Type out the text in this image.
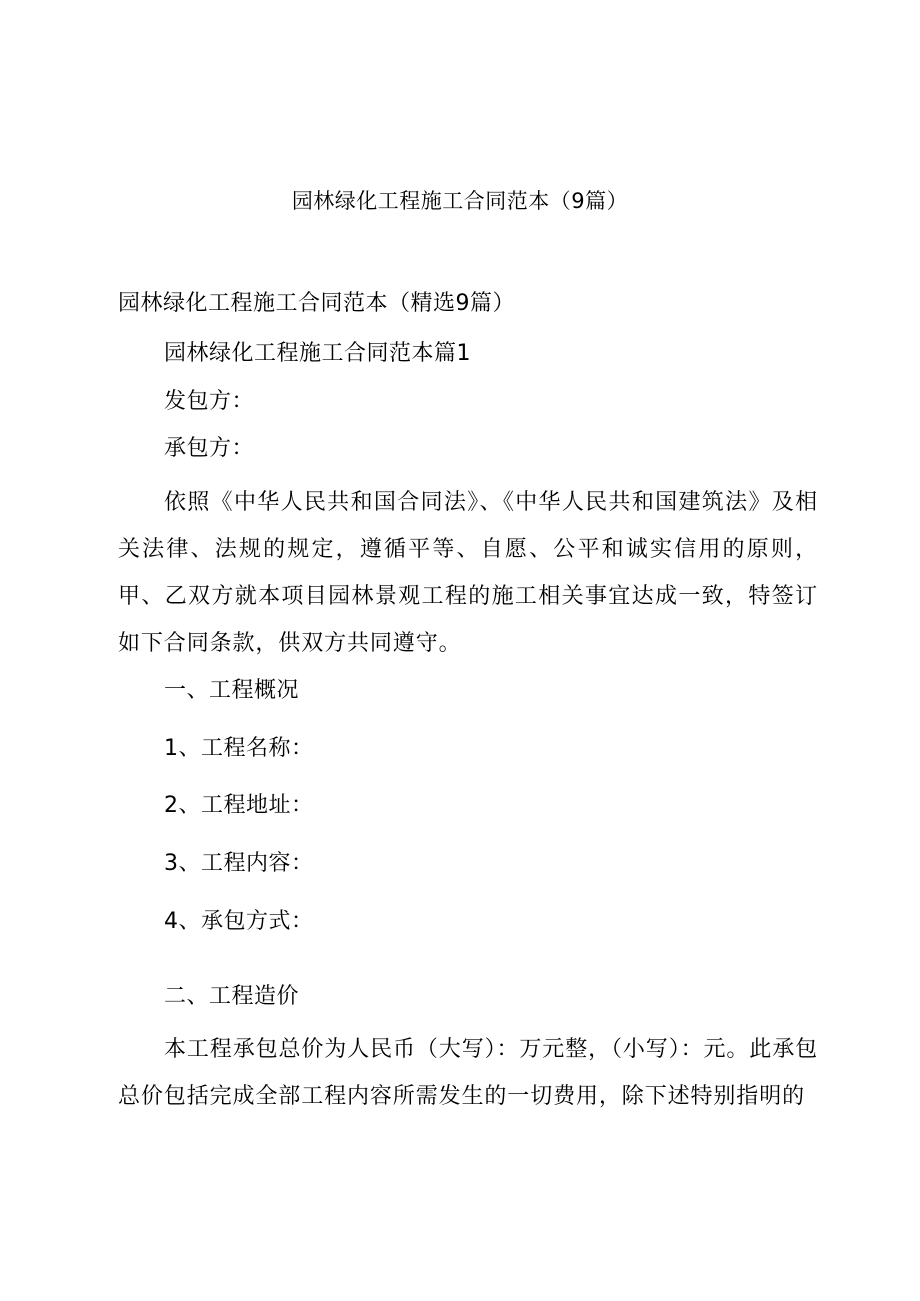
园林绿化工程施工合同范本（9篇）
园林绿化工程施工合同范本（精选9篇）
园林绿化工程施工合同范本篇1
发包方：
承包方：
依照《中华人民共和国合同法》、《中华人民共和国建筑法》及相关法律、法规的规定，遵循平等、自愿、公平和诚实信用的原则，甲、乙双方就本项目园林景观工程的施工相关事宜达成一致，特签订如下合同条款，供双方共同遵守。
一、工程概况
1、工程名称：
2、工程地址：
3、工程内容：
4、承包方式：
二、工程造价
本工程承包总价为人民币（大写）：万元整，（小写）：元。此承包总价包括完成全部工程内容所需发生的一切费用，除下述特别指明的
